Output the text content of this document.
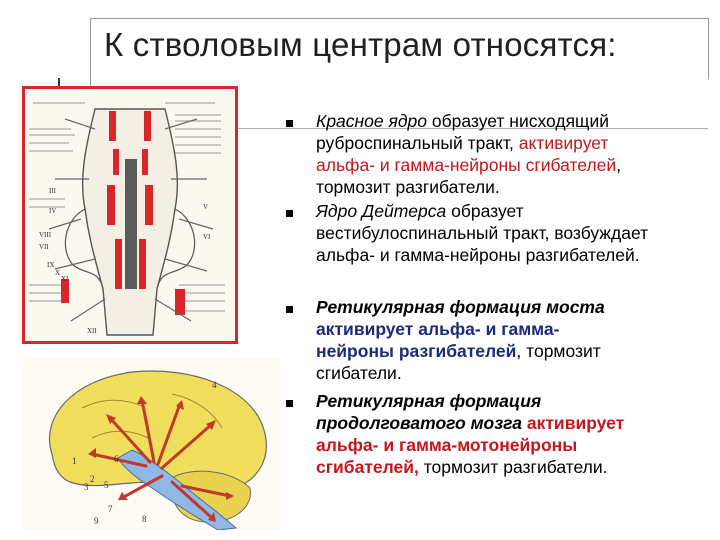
К стволовым центрам относятся:
VIII
VII
IX
X
XI
XII
III
IV	V
VI
1
2
3
4
5
6
7
8
9
Красное ядро образует нисходящий
руброспинальный тракт, активирует
альфа- и гамма-нейроны сгибателей,
тормозит разгибатели.
Ядро Дейтерса образует
вестибулоспинальный тракт, возбуждает
альфа- и гамма-нейроны разгибателей.
Ретикулярная формация моста
активирует альфа- и гамма-
нейроны разгибателей, тормозит
сгибатели.
Ретикулярная формация
продолговатого мозга активирует
альфа- и гамма-мотонейроны
сгибателей, тормозит разгибатели.
